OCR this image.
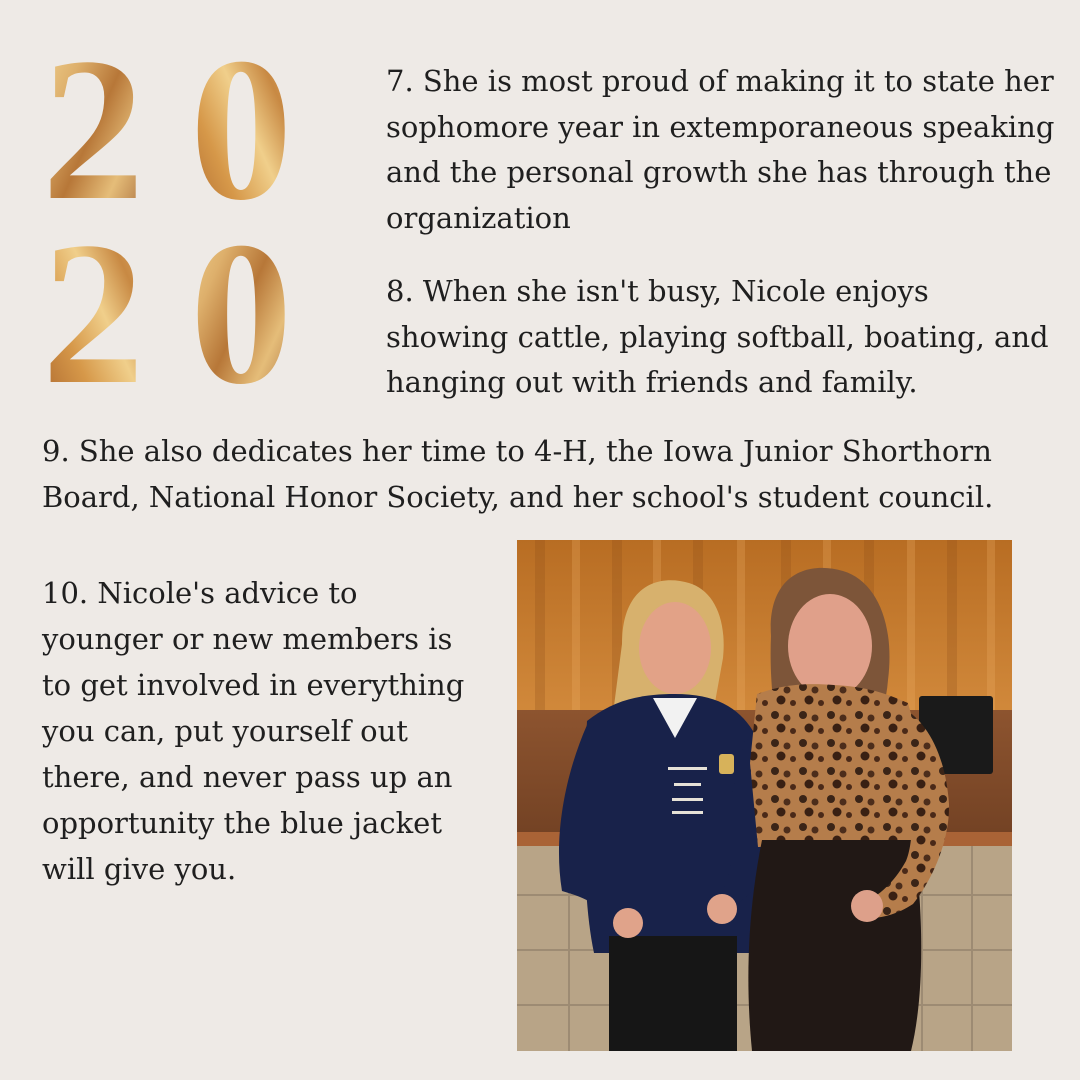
2 0
2 0

7. She is most proud of making it to state her sophomore year in extemporaneous speaking and the personal growth she has through the organization

8. When she isn't busy, Nicole enjoys showing cattle, playing softball, boating, and hanging out with friends and family.

9. She also dedicates her time to 4-H, the Iowa Junior Shorthorn Board, National Honor Society, and her school's student council.

10. Nicole's advice to younger or new members is to get involved in everything you can, put yourself out there, and never pass up an opportunity the blue jacket will give you.
